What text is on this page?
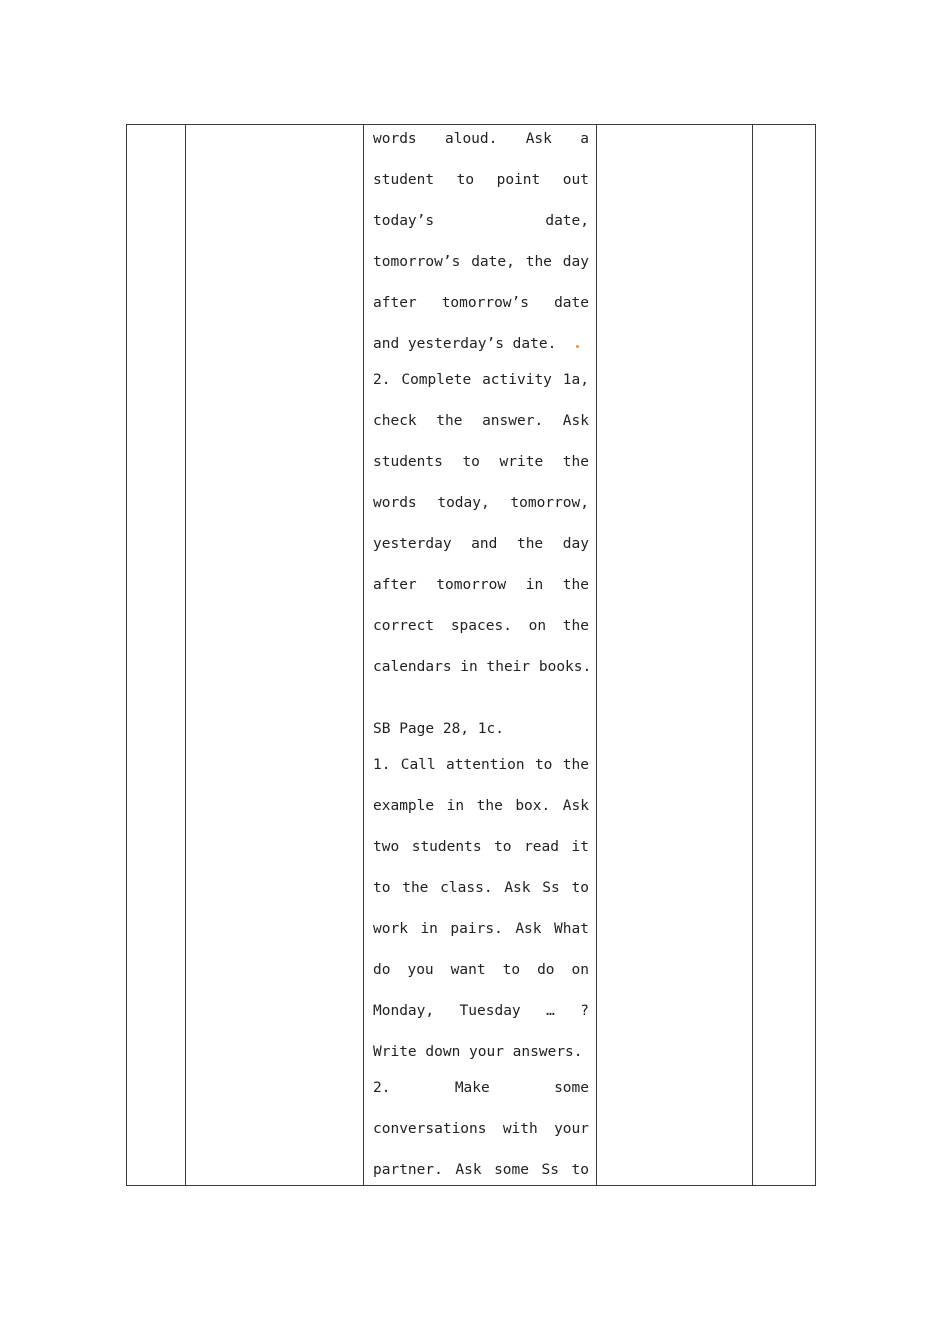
words aloud. Ask a
student to point out
today’s	date,
tomorrow’s date, the day
after tomorrow’s date
and yesterday’s date.
2. Complete activity 1a,
check the answer. Ask
students to write the
words today, tomorrow,
yesterday and the day
after tomorrow in the
correct spaces. on the
calendars in their books.
SB Page 28, 1c.
1. Call attention to the
example in the box. Ask
two students to read it
to the class. Ask Ss to
work in pairs. Ask What
do you want to do on
Monday, Tuesday … ?
Write down your answers.
2.	Make	some
conversations with your
partner. Ask some Ss to
